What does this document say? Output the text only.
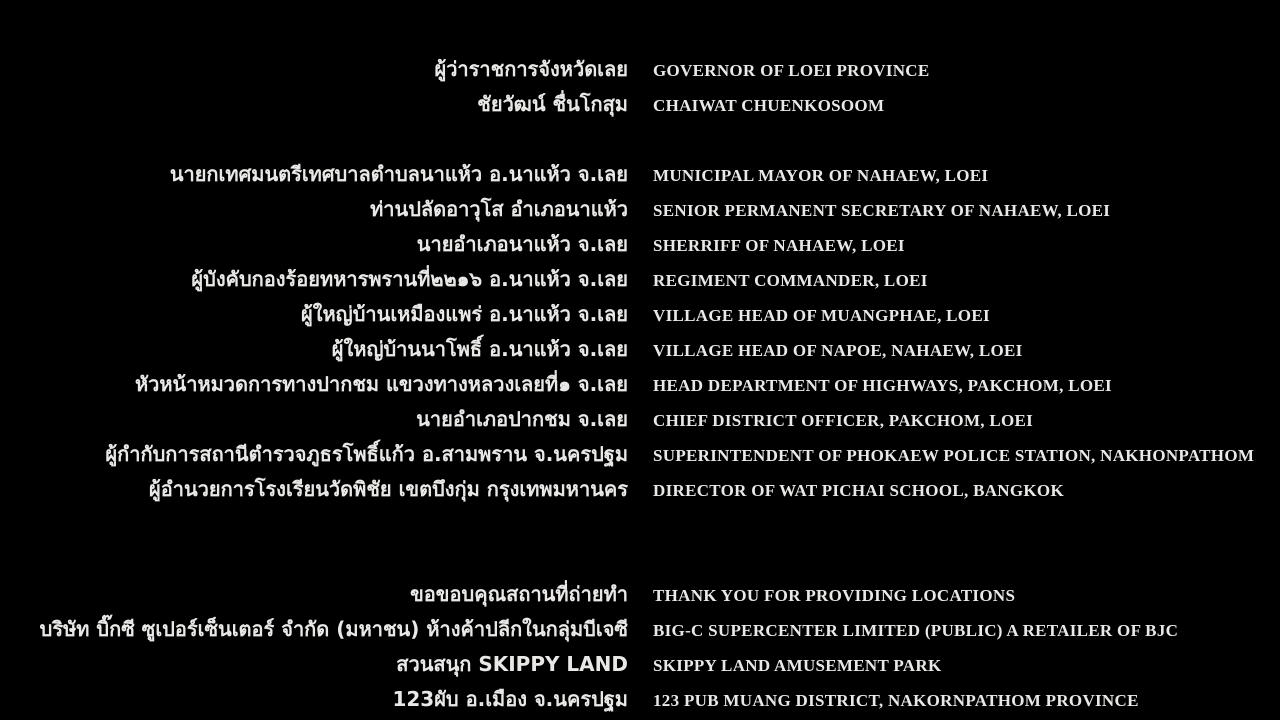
ผู้ว่าราชการจังหวัดเลย GOVERNOR OF LOEI PROVINCE
ชัยวัฒน์ ชื่นโกสุม CHAIWAT CHUENKOSOOM
นายกเทศมนตรีเทศบาลตำบลนาแห้ว อ.นาแห้ว จ.เลย MUNICIPAL MAYOR OF NAHAEW, LOEI
ท่านปลัดอาวุโส อำเภอนาแห้ว SENIOR PERMANENT SECRETARY OF NAHAEW, LOEI
นายอำเภอนาแห้ว จ.เลย SHERRIFF OF NAHAEW, LOEI
ผู้บังคับกองร้อยทหารพรานที่๒๒๑๖ อ.นาแห้ว จ.เลย REGIMENT COMMANDER, LOEI
ผู้ใหญ่บ้านเหมืองแพร่ อ.นาแห้ว จ.เลย VILLAGE HEAD OF MUANGPHAE, LOEI
ผู้ใหญ่บ้านนาโพธิ์ อ.นาแห้ว จ.เลย VILLAGE HEAD OF NAPOE, NAHAEW, LOEI
หัวหน้าหมวดการทางปากชม แขวงทางหลวงเลยที่๑ จ.เลย HEAD DEPARTMENT OF HIGHWAYS, PAKCHOM, LOEI
นายอำเภอปากชม จ.เลย CHIEF DISTRICT OFFICER, PAKCHOM, LOEI
ผู้กำกับการสถานีตำรวจภูธรโพธิ์แก้ว อ.สามพราน จ.นครปฐม SUPERINTENDENT OF PHOKAEW POLICE STATION, NAKHONPATHOM
ผู้อำนวยการโรงเรียนวัดพิชัย เขตบึงกุ่ม กรุงเทพมหานคร DIRECTOR OF WAT PICHAI SCHOOL, BANGKOK
ขอขอบคุณสถานที่ถ่ายทำ THANK YOU FOR PROVIDING LOCATIONS
บริษัท บิ๊กซี ซูเปอร์เซ็นเตอร์ จำกัด (มหาชน) ห้างค้าปลีกในกลุ่มบีเจซี BIG-C SUPERCENTER LIMITED (PUBLIC) A RETAILER OF BJC
สวนสนุก SKIPPY LAND SKIPPY LAND AMUSEMENT PARK
123ผับ อ.เมือง จ.นครปฐม 123 PUB MUANG DISTRICT, NAKORNPATHOM PROVINCE
